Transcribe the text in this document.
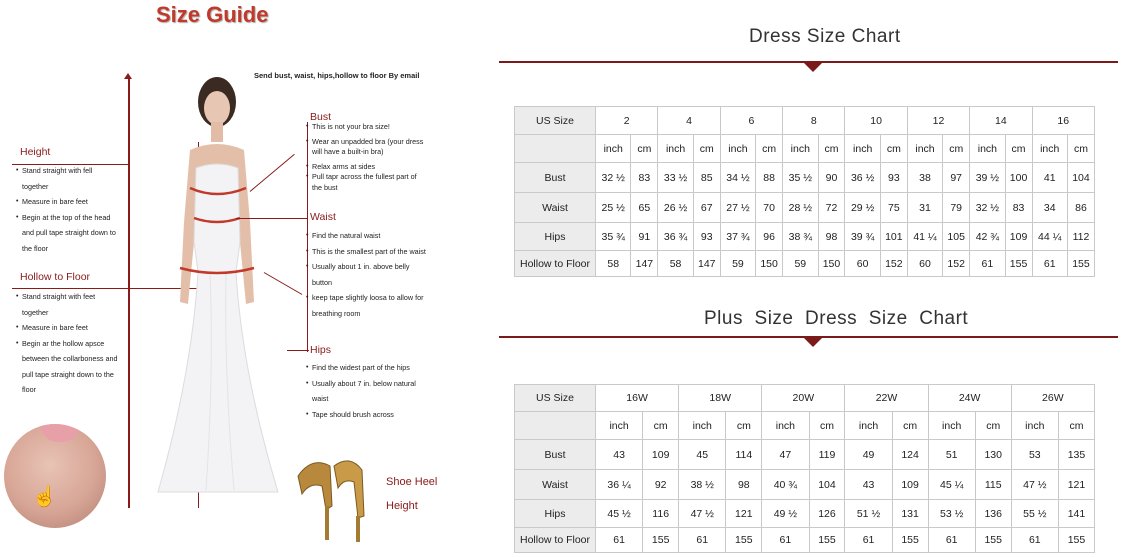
Size Guide
Send bust, waist, hips,hollow to floor By email
Height
• Stand straight with fell together
• Measure in bare feet
• Begin at the top of the head and pull tape straight down to the floor
Hollow to Floor
• Stand straight with feet together
• Measure in bare feet
• Begin ar the hollow apsce between the collarboness and pull tape straight down to the floor
Bust
• This is not your bra size!
• Wear an unpadded bra (your dress will have a built-in bra)
• Relax arms at sides
• Pull tapr across the fullest part of the bust
Waist
• Find the natural waist
• This is the smallest part of the waist
• Usually about 1 in. above belly button
• keep tape slightly loosa to allow for breathing room
Hips
• Find the widest part of the hips
• Usually about 7 in. below natural waist
• Tape should brush across
☝
Shoe Heel
Height
Dress Size Chart
US Size	2		4		6		8		10		12		14		16	
	inch	cm	inch	cm	inch	cm	inch	cm	inch	cm	inch	cm	inch	cm	inch	cm
Bust	32 ½	83	33 ½	85	34 ½	88	35 ½	90	36 ½	93	38	97	39 ½	100	41	104
Waist	25 ½	65	26 ½	67	27 ½	70	28 ½	72	29 ½	75	31	79	32 ½	83	34	86
Hips	35 ¾	91	36 ¾	93	37 ¾	96	38 ¾	98	39 ¾	101	41 ¼	105	42 ¾	109	44 ¼	112
Hollow to Floor	58	147	58	147	59	150	59	150	60	152	60	152	61	155	61	155
Plus  Size  Dress  Size  Chart
US Size	16W		18W		20W		22W		24W		26W	
	inch	cm	inch	cm	inch	cm	inch	cm	inch	cm	inch	cm
Bust	43	109	45	114	47	119	49	124	51	130	53	135
Waist	36 ¼	92	38 ½	98	40 ¾	104	43	109	45 ¼	115	47 ½	121
Hips	45 ½	116	47 ½	121	49 ½	126	51 ½	131	53 ½	136	55 ½	141
Hollow to Floor	61	155	61	155	61	155	61	155	61	155	61	155
